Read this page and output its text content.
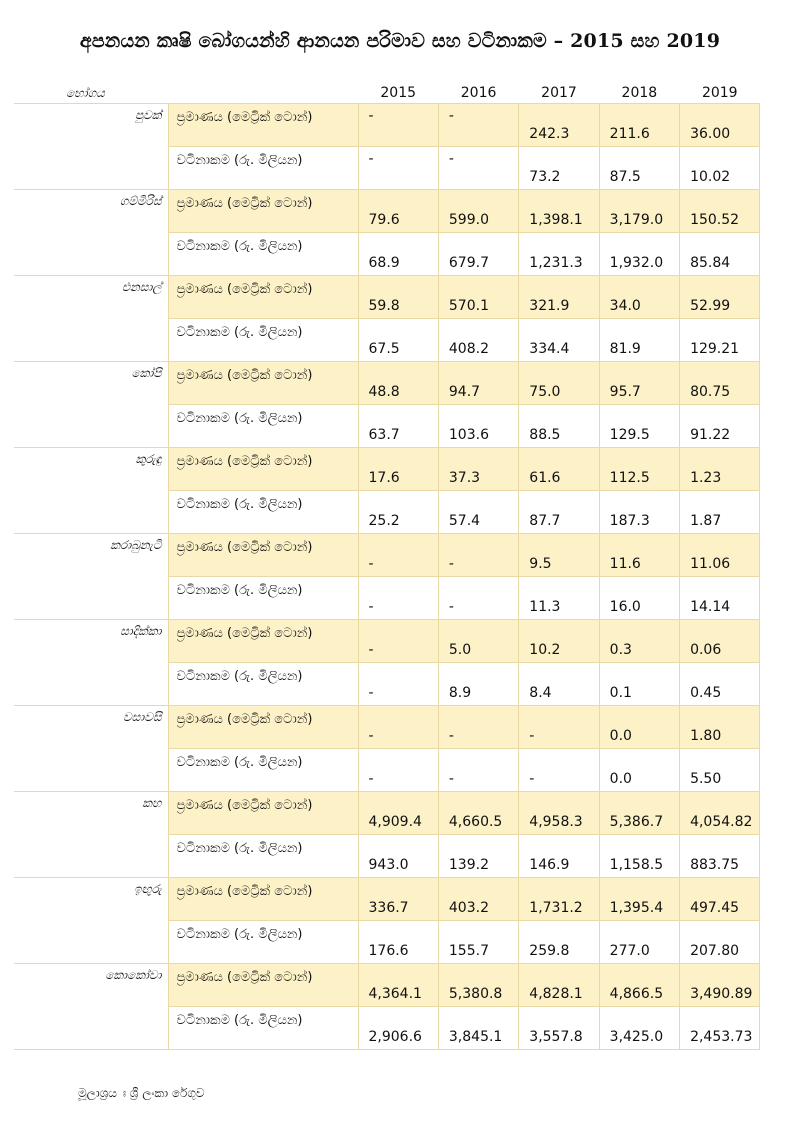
අපනයන කෘෂි බෝගයන්හි ආනයන පරිමාව සහ වටිනාකම – 2015 සහ 2019
භෝගය		2015	2016	2017	2018	2019
පුවක්	ප්‍රමාණය (මෙට්‍රික් ටොන්)	-	-	242.3	211.6	36.00
	වටිනාකම (රු. මිලියන)	-	-	73.2	87.5	10.02
ගම්මිරිස්	ප්‍රමාණය (මෙට්‍රික් ටොන්)	79.6	599.0	1,398.1	3,179.0	150.52
	වටිනාකම (රු. මිලියන)	68.9	679.7	1,231.3	1,932.0	85.84
එනසාල්	ප්‍රමාණය (මෙට්‍රික් ටොන්)	59.8	570.1	321.9	34.0	52.99
	වටිනාකම (රු. මිලියන)	67.5	408.2	334.4	81.9	129.21
කෝපි	ප්‍රමාණය (මෙට්‍රික් ටොන්)	48.8	94.7	75.0	95.7	80.75
	වටිනාකම (රු. මිලියන)	63.7	103.6	88.5	129.5	91.22
කුරුඳු	ප්‍රමාණය (මෙට්‍රික් ටොන්)	17.6	37.3	61.6	112.5	1.23
	වටිනාකම (රු. මිලියන)	25.2	57.4	87.7	187.3	1.87
කරාබුනැටි	ප්‍රමාණය (මෙට්‍රික් ටොන්)	-	-	9.5	11.6	11.06
	වටිනාකම (රු. මිලියන)	-	-	11.3	16.0	14.14
සාදික්කා	ප්‍රමාණය (මෙට්‍රික් ටොන්)	-	5.0	10.2	0.3	0.06
	වටිනාකම (රු. මිලියන)	-	8.9	8.4	0.1	0.45
වසාවසි	ප්‍රමාණය (මෙට්‍රික් ටොන්)	-	-	-	0.0	1.80
	වටිනාකම (රු. මිලියන)	-	-	-	0.0	5.50
කහ	ප්‍රමාණය (මෙට්‍රික් ටොන්)	4,909.4	4,660.5	4,958.3	5,386.7	4,054.82
	වටිනාකම (රු. මිලියන)	943.0	139.2	146.9	1,158.5	883.75
ඉඟුරු	ප්‍රමාණය (මෙට්‍රික් ටොන්)	336.7	403.2	1,731.2	1,395.4	497.45
	වටිනාකම (රු. මිලියන)	176.6	155.7	259.8	277.0	207.80
කොකෝවා	ප්‍රමාණය (මෙට්‍රික් ටොන්)	4,364.1	5,380.8	4,828.1	4,866.5	3,490.89
	වටිනාකම (රු. මිලියන)	2,906.6	3,845.1	3,557.8	3,425.0	2,453.73
මූලාශ්‍රය ඃ ශ්‍රී ලංකා රේගුව
